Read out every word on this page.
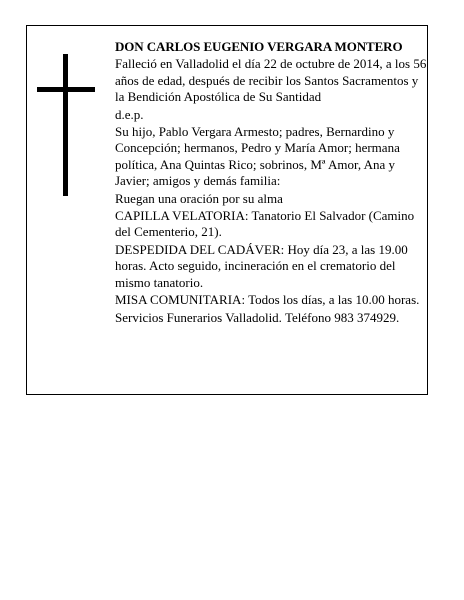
DON CARLOS EUGENIO VERGARA MONTERO

Falleció en Valladolid el día 22 de octubre de 2014, a los 56 años de edad, después de recibir los Santos Sacramentos y la Bendición Apostólica de Su Santidad

d.e.p.

Su hijo, Pablo Vergara Armesto; padres, Bernardino y Concepción; hermanos, Pedro y María Amor; hermana política, Ana Quintas Rico; sobrinos, Mª Amor, Ana y Javier; amigos y demás familia:

Ruegan una oración por su alma

CAPILLA VELATORIA: Tanatorio El Salvador (Camino del Cementerio, 21).

DESPEDIDA DEL CADÁVER: Hoy día 23, a las 19.00 horas. Acto seguido, incineración en el crematorio del mismo tanatorio.

MISA COMUNITARIA: Todos los días, a las 10.00 horas.

Servicios Funerarios Valladolid. Teléfono 983 374929.
